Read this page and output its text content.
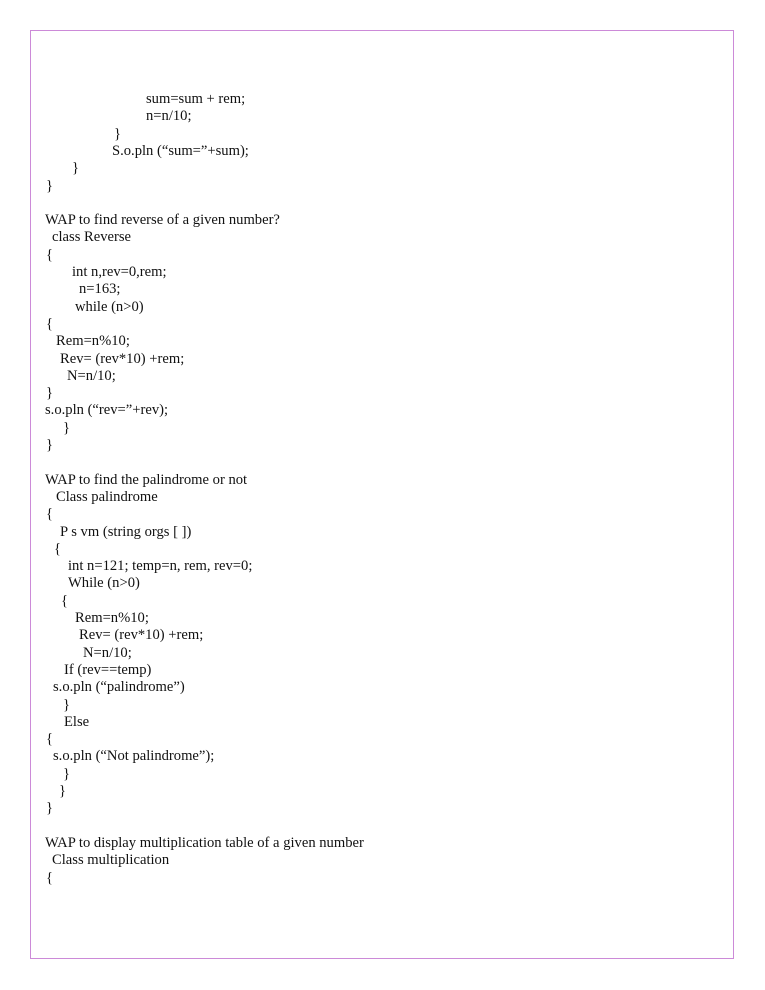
sum=sum + rem;
n=n/10;
}
S.o.pln (“sum=”+sum);
}
}
WAP to find reverse of a given number?
class Reverse
{
int n,rev=0,rem;
n=163;
while (n>0)
{
Rem=n%10;
Rev= (rev*10) +rem;
N=n/10;
}
s.o.pln (“rev=”+rev);
}
}
WAP to find the palindrome or not
Class palindrome
{
P s vm (string orgs [ ])
{
int n=121; temp=n, rem, rev=0;
While (n>0)
{
Rem=n%10;
Rev= (rev*10) +rem;
N=n/10;
If (rev==temp)
s.o.pln (“palindrome”)
}
Else
{
s.o.pln (“Not palindrome”);
}
}
}
WAP to display multiplication table of a given number
Class multiplication
{
